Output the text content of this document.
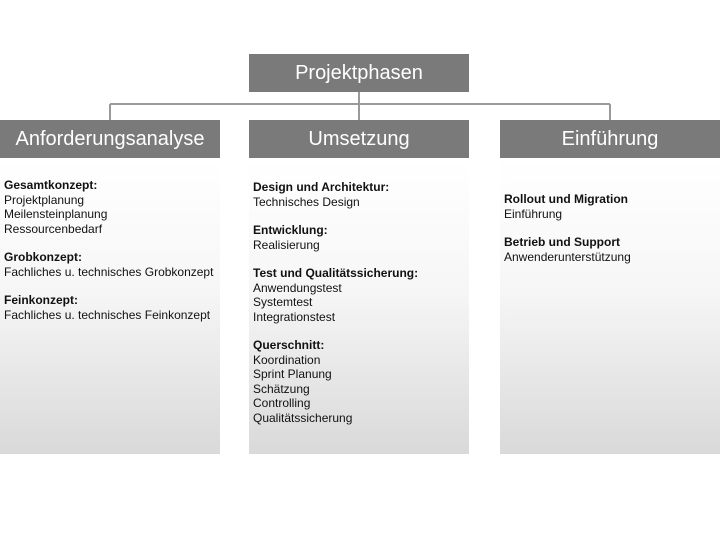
Projektphasen
Anforderungsanalyse
Gesamtkonzept:
Projektplanung
Meilensteinplanung
Ressourcenbedarf
Grobkonzept:
Fachliches u. technisches Grobkonzept
Feinkonzept:
Fachliches u. technisches Feinkonzept
Umsetzung
Design und Architektur:
Technisches Design
Entwicklung:
Realisierung
Test und Qualitätssicherung:
Anwendungstest
Systemtest
Integrationstest
Querschnitt:
Koordination
Sprint Planung
Schätzung
Controlling
Qualitätssicherung
Einführung
Rollout und Migration
Einführung
Betrieb und Support
Anwenderunterstützung
